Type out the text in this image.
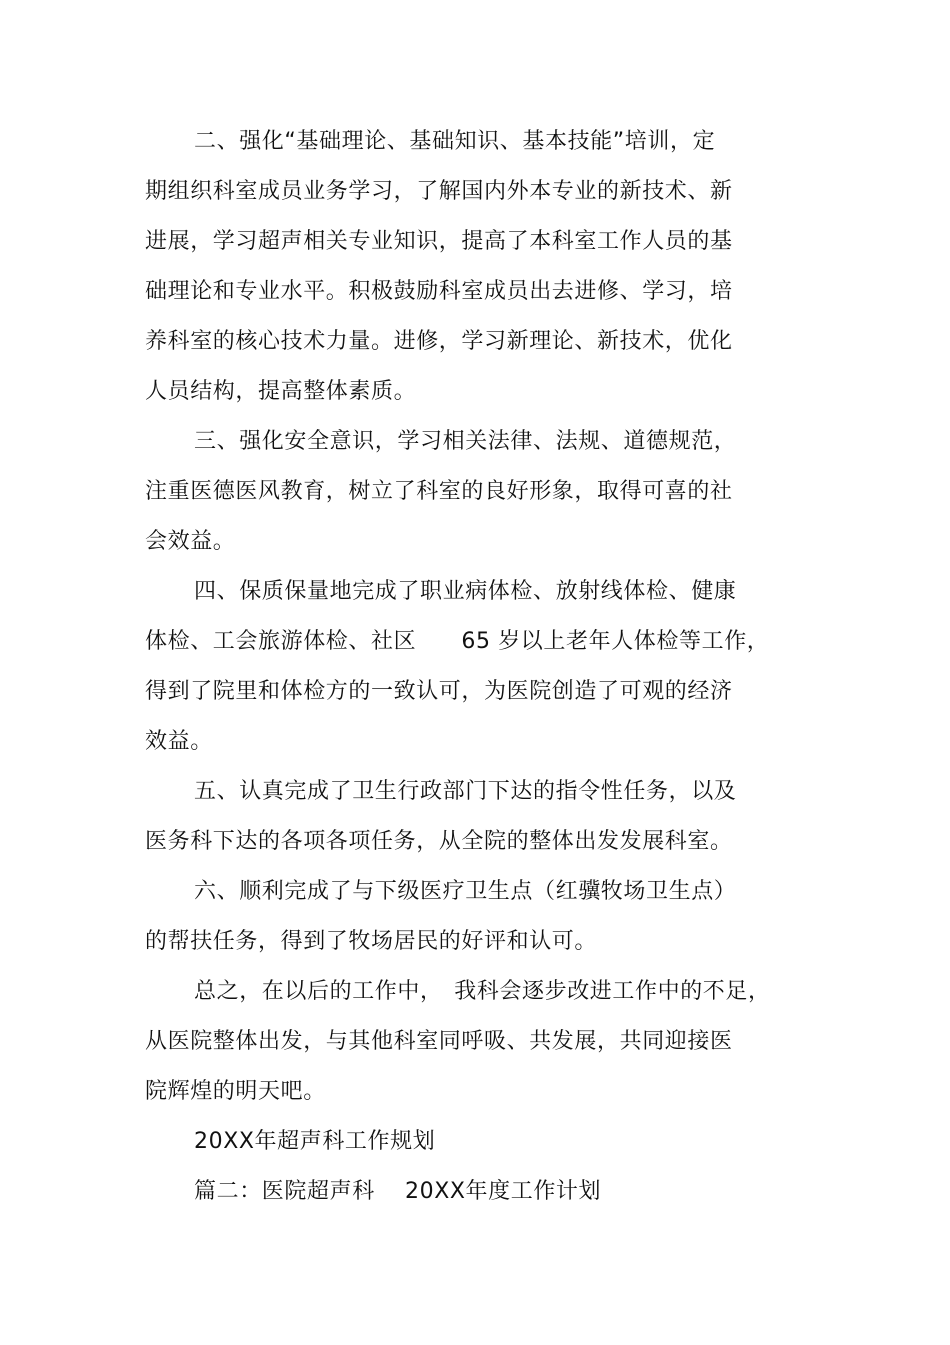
二、强化“基础理论、基础知识、基本技能”培训，定
期组织科室成员业务学习，了解国内外本专业的新技术、新
进展，学习超声相关专业知识，提高了本科室工作人员的基
础理论和专业水平。积极鼓励科室成员出去进修、学习，培
养科室的核心技术力量。进修，学习新理论、新技术，优化
人员结构，提高整体素质。
三、强化安全意识，学习相关法律、法规、道德规范，
注重医德医风教育，树立了科室的良好形象，取得可喜的社
会效益。
四、保质保量地完成了职业病体检、放射线体检、健康
体检、工会旅游体检、社区　　65 岁以上老年人体检等工作，
得到了院里和体检方的一致认可，为医院创造了可观的经济
效益。
五、认真完成了卫生行政部门下达的指令性任务，以及
医务科下达的各项各项任务，从全院的整体出发发展科室。
六、顺利完成了与下级医疗卫生点（红骥牧场卫生点）
的帮扶任务，得到了牧场居民的好评和认可。
总之，在以后的工作中，　我科会逐步改进工作中的不足，
从医院整体出发，与其他科室同呼吸、共发展，共同迎接医
院辉煌的明天吧。
20XX年超声科工作规划
篇二：医院超声科　 20XX年度工作计划
